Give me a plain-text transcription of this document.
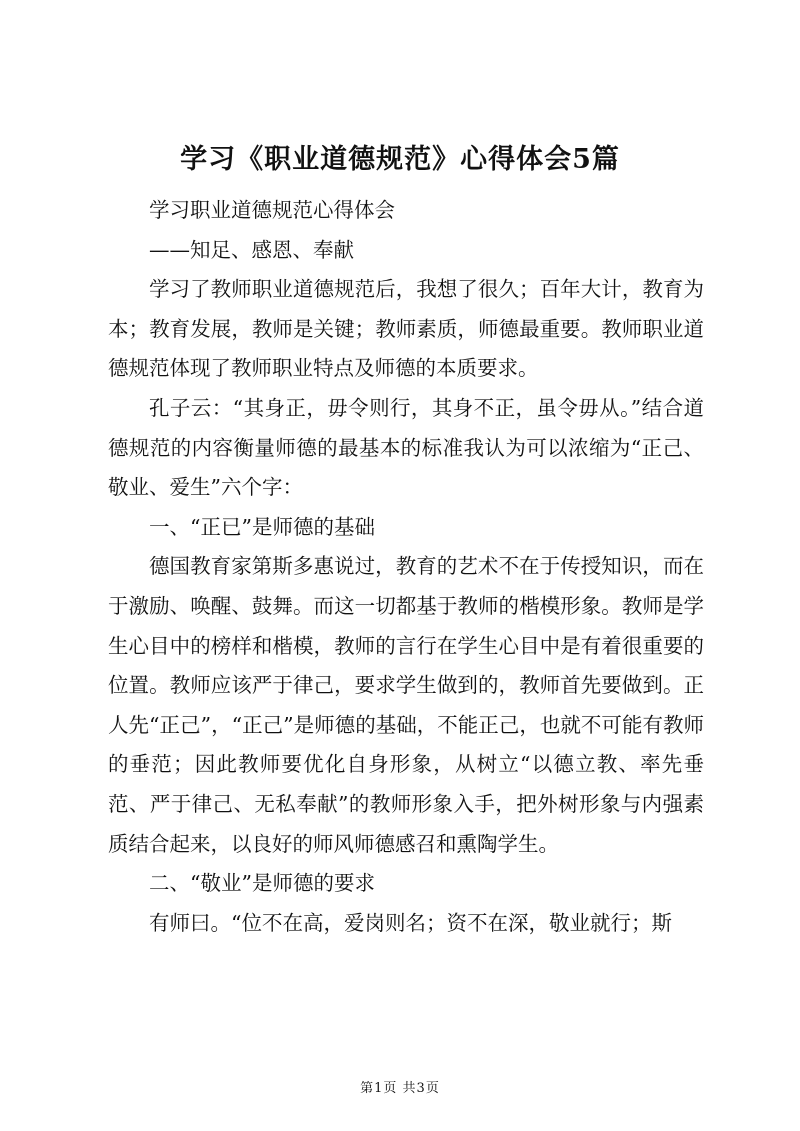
学习《职业道德规范》心得体会5篇

学习职业道德规范心得体会

——知足、感恩、奉献

学习了教师职业道德规范后，我想了很久；百年大计，教育为本；教育发展，教师是关键；教师素质，师德最重要。教师职业道德规范体现了教师职业特点及师德的本质要求。

孔子云：“其身正，毋令则行，其身不正，虽令毋从。”结合道德规范的内容衡量师德的最基本的标准我认为可以浓缩为“正己、敬业、爱生”六个字：

一、“正已”是师德的基础

德国教育家第斯多惠说过，教育的艺术不在于传授知识，而在于激励、唤醒、鼓舞。而这一切都基于教师的楷模形象。教师是学生心目中的榜样和楷模，教师的言行在学生心目中是有着很重要的位置。教师应该严于律己，要求学生做到的，教师首先要做到。正人先“正己”，“正己”是师德的基础，不能正己，也就不可能有教师的垂范；因此教师要优化自身形象，从树立“以德立教、率先垂范、严于律己、无私奉献”的教师形象入手，把外树形象与内强素质结合起来，以良好的师风师德感召和熏陶学生。

二、“敬业”是师德的要求

有师曰。“位不在高，爱岗则名；资不在深，敬业就行；斯

第1页 共3页
